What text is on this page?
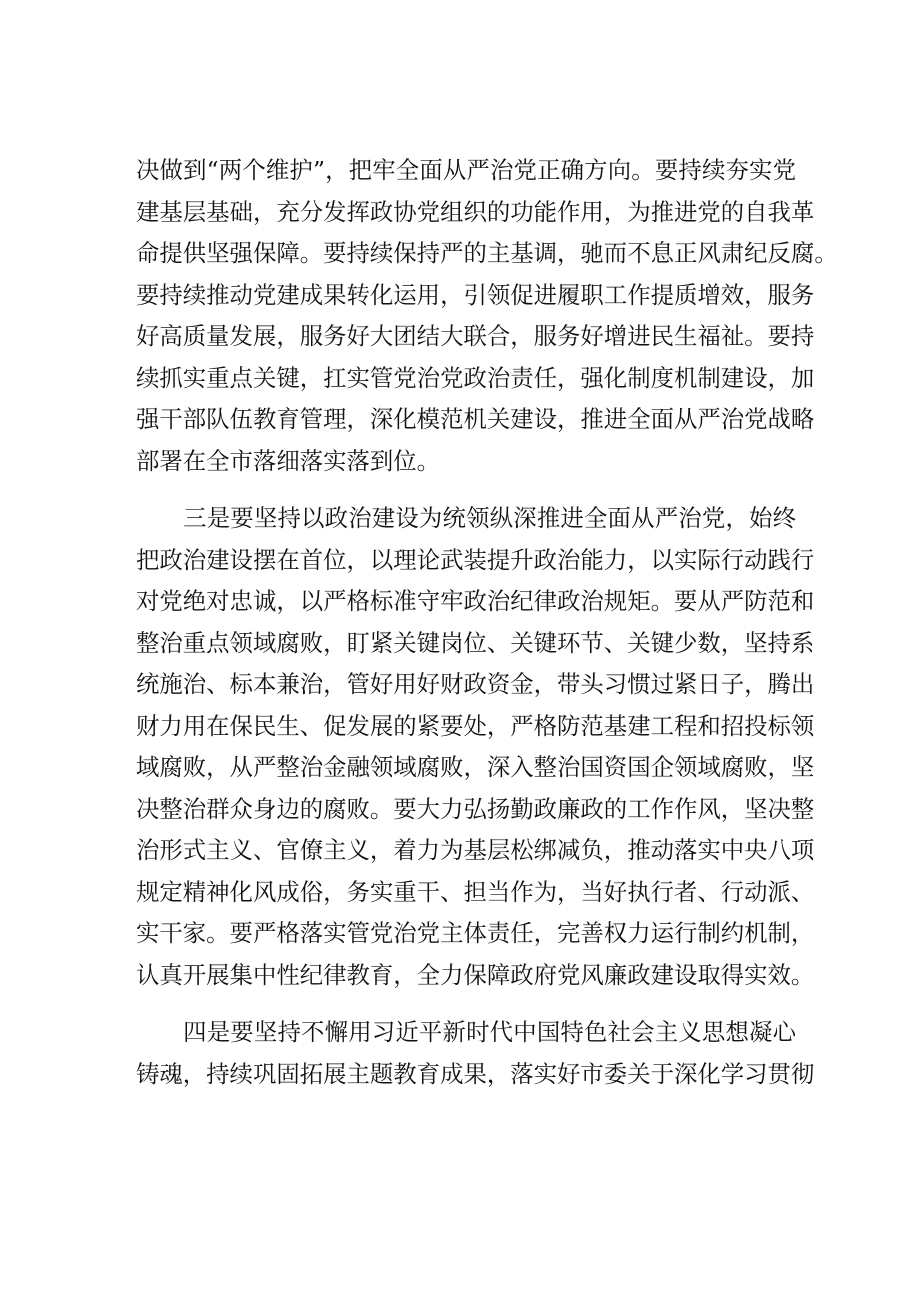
决做到“两个维护”，把牢全面从严治党正确方向。要持续夯实党
建基层基础，充分发挥政协党组织的功能作用，为推进党的自我革
命提供坚强保障。要持续保持严的主基调，驰而不息正风肃纪反腐。
要持续推动党建成果转化运用，引领促进履职工作提质增效，服务
好高质量发展，服务好大团结大联合，服务好增进民生福祉。要持
续抓实重点关键，扛实管党治党政治责任，强化制度机制建设，加
强干部队伍教育管理，深化模范机关建设，推进全面从严治党战略
部署在全市落细落实落到位。
　　三是要坚持以政治建设为统领纵深推进全面从严治党，始终
把政治建设摆在首位，以理论武装提升政治能力，以实际行动践行
对党绝对忠诚，以严格标准守牢政治纪律政治规矩。要从严防范和
整治重点领域腐败，盯紧关键岗位、关键环节、关键少数，坚持系
统施治、标本兼治，管好用好财政资金，带头习惯过紧日子，腾出
财力用在保民生、促发展的紧要处，严格防范基建工程和招投标领
域腐败，从严整治金融领域腐败，深入整治国资国企领域腐败，坚
决整治群众身边的腐败。要大力弘扬勤政廉政的工作作风，坚决整
治形式主义、官僚主义，着力为基层松绑减负，推动落实中央八项
规定精神化风成俗，务实重干、担当作为，当好执行者、行动派、
实干家。要严格落实管党治党主体责任，完善权力运行制约机制，
认真开展集中性纪律教育，全力保障政府党风廉政建设取得实效。
　　四是要坚持不懈用习近平新时代中国特色社会主义思想凝心
铸魂，持续巩固拓展主题教育成果，落实好市委关于深化学习贯彻
